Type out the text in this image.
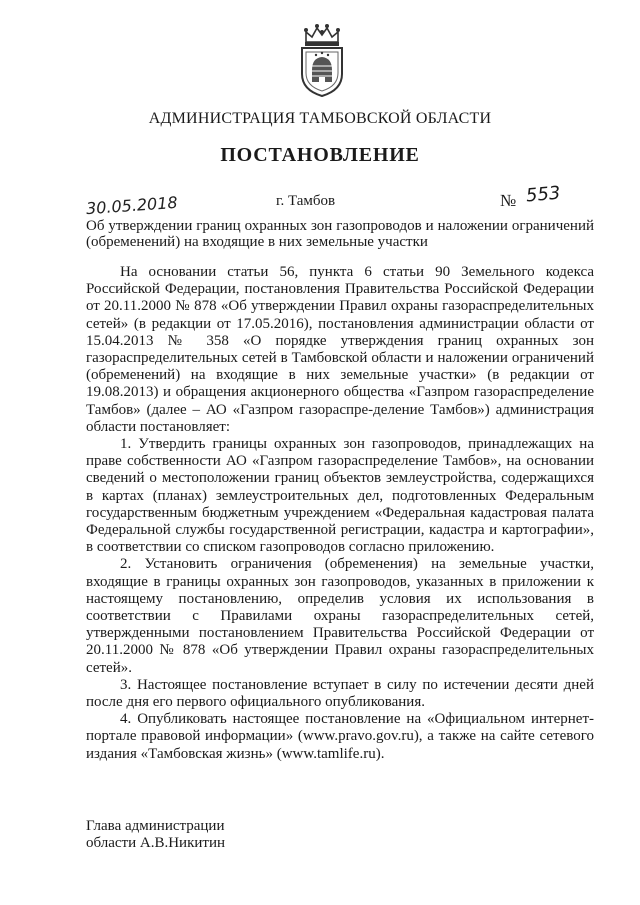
АДМИНИСТРАЦИЯ ТАМБОВСКОЙ ОБЛАСТИ
ПОСТАНОВЛЕНИЕ
30.05.2018	г. Тамбов	№ 553
Об утверждении границ охранных зон газопроводов и наложении ограничений (обременений) на входящие в них земельные участки

На основании статьи 56, пункта 6 статьи 90 Земельного кодекса Российской Федерации, постановления Правительства Российской Федерации от 20.11.2000 № 878 «Об утверждении Правил охраны газораспределительных сетей» (в редакции от 17.05.2016), постановления администрации области от 15.04.2013 № 358 «О порядке утверждения границ охранных зон газораспределительных сетей в Тамбовской области и наложении ограничений (обременений) на входящие в них земельные участки» (в редакции от 19.08.2013) и обращения акционерного общества «Газпром газораспределение Тамбов» (далее – АО «Газпром газораспре-деление Тамбов») администрация области постановляет:

1. Утвердить границы охранных зон газопроводов, принадлежащих на праве собственности АО «Газпром газораспределение Тамбов», на основании сведений о местоположении границ объектов землеустройства, содержащихся в картах (планах) землеустроительных дел, подготовленных Федеральным государственным бюджетным учреждением «Федеральная кадастровая палата Федеральной службы государственной регистрации, кадастра и картографии», в соответствии со списком газопроводов согласно приложению.

2. Установить ограничения (обременения) на земельные участки, входящие в границы охранных зон газопроводов, указанных в приложении к настоящему постановлению, определив условия их использования в соответствии с Правилами охраны газораспределительных сетей, утвержденными постановлением Правительства Российской Федерации от 20.11.2000 № 878 «Об утверждении Правил охраны газораспределительных сетей».

3. Настоящее постановление вступает в силу по истечении десяти дней после дня его первого официального опубликования.

4. Опубликовать настоящее постановление на «Официальном интернет-портале правовой информации» (www.pravo.gov.ru), а также на сайте сетевого издания «Тамбовская жизнь» (www.tamlife.ru).

Глава администрации
области А.В.Никитин
